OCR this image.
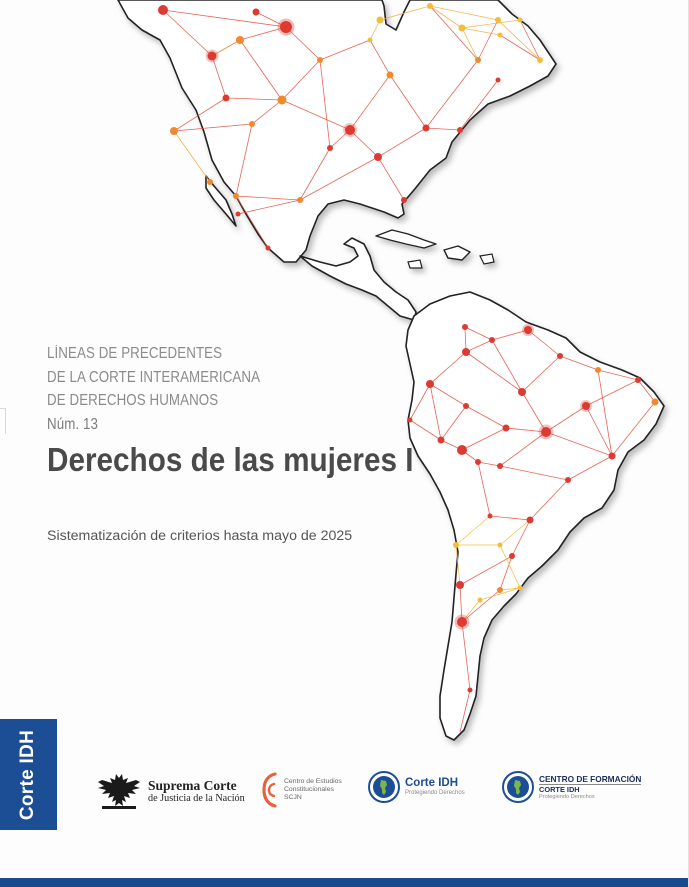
LÍNEAS DE PRECEDENTES
DE LA CORTE INTERAMERICANA
DE DERECHOS HUMANOS
Núm. 13
Derechos de las mujeres I
Sistematización de criterios hasta mayo de 2025
Corte IDH	Suprema Corte
de Justicia de la Nación
Centro de Estudios
Constitucionales
SCJN
Corte IDH
Protegiendo Derechos
CENTRO DE FORMACIÓN
CORTE IDH
Protegiendo Derechos
